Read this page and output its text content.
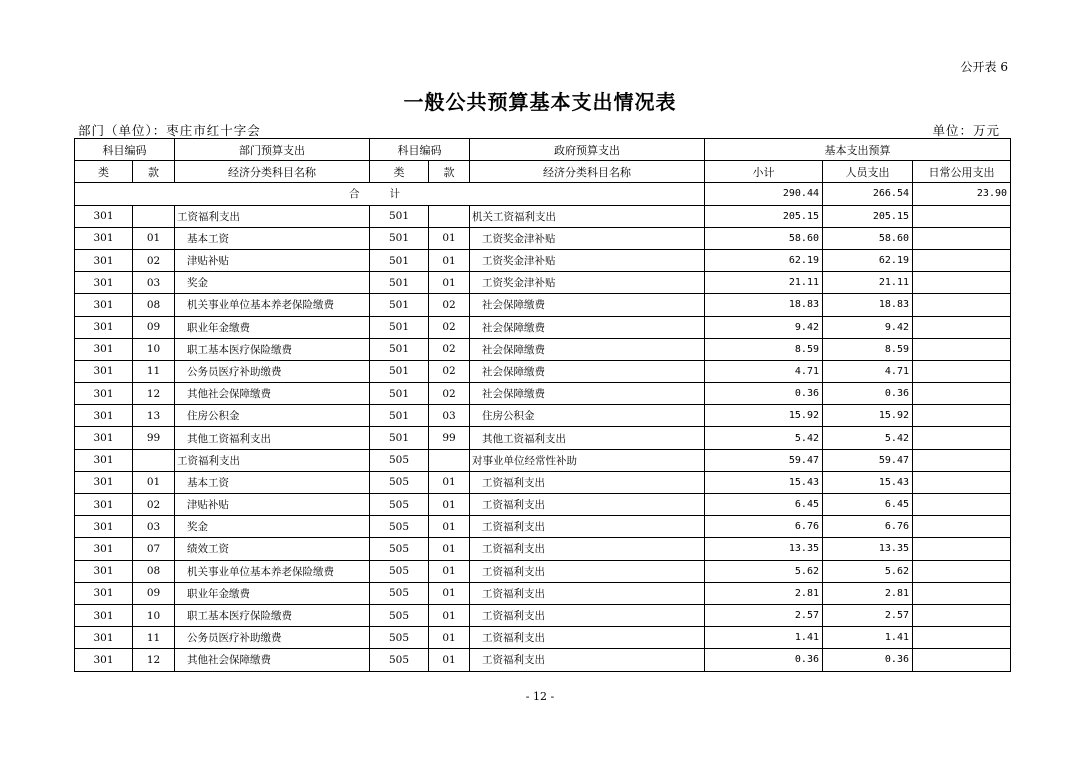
公开表 6
一般公共预算基本支出情况表
部门（单位）：枣庄市红十字会	单位：万元
科目编码		部门预算支出	科目编码		政府预算支出	基本支出预算		
类	款	经济分类科目名称	类	款	经济分类科目名称	小计	人员支出	日常公用支出
合计						290.44	266.54	23.90
301		工资福利支出	501		机关工资福利支出	205.15	205.15	
301	01	基本工资	501	01	工资奖金津补贴	58.60	58.60	
301	02	津贴补贴	501	01	工资奖金津补贴	62.19	62.19	
301	03	奖金	501	01	工资奖金津补贴	21.11	21.11	
301	08	机关事业单位基本养老保险缴费	501	02	社会保障缴费	18.83	18.83	
301	09	职业年金缴费	501	02	社会保障缴费	9.42	9.42	
301	10	职工基本医疗保险缴费	501	02	社会保障缴费	8.59	8.59	
301	11	公务员医疗补助缴费	501	02	社会保障缴费	4.71	4.71	
301	12	其他社会保障缴费	501	02	社会保障缴费	0.36	0.36	
301	13	住房公积金	501	03	住房公积金	15.92	15.92	
301	99	其他工资福利支出	501	99	其他工资福利支出	5.42	5.42	
301		工资福利支出	505		对事业单位经常性补助	59.47	59.47	
301	01	基本工资	505	01	工资福利支出	15.43	15.43	
301	02	津贴补贴	505	01	工资福利支出	6.45	6.45	
301	03	奖金	505	01	工资福利支出	6.76	6.76	
301	07	绩效工资	505	01	工资福利支出	13.35	13.35	
301	08	机关事业单位基本养老保险缴费	505	01	工资福利支出	5.62	5.62	
301	09	职业年金缴费	505	01	工资福利支出	2.81	2.81	
301	10	职工基本医疗保险缴费	505	01	工资福利支出	2.57	2.57	
301	11	公务员医疗补助缴费	505	01	工资福利支出	1.41	1.41	
301	12	其他社会保障缴费	505	01	工资福利支出	0.36	0.36	
- 12 -
